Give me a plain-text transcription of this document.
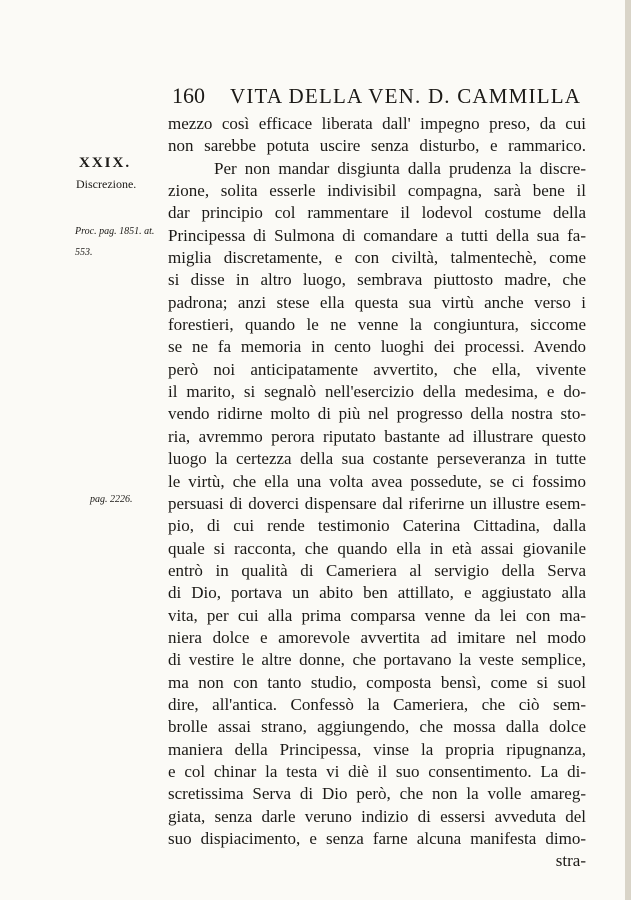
160 VITA DELLA VEN. D. CAMMILLA
XXIX.
Discrezione.
Proc. pag. 1851. at.
553.
pag. 2226.
mezzo così efficace liberata dall' impegno preso, da cui
non sarebbe potuta uscire senza disturbo, e rammarico.
Per non mandar disgiunta dalla prudenza la discre-
zione, solita esserle indivisibil compagna, sarà bene il
dar principio col rammentare il lodevol costume della
Principessa di Sulmona di comandare a tutti della sua fa-
miglia discretamente, e con civiltà, talmentechè, come
si disse in altro luogo, sembrava piuttosto madre, che
padrona; anzi stese ella questa sua virtù anche verso i
forestieri, quando le ne venne la congiuntura, siccome
se ne fa memoria in cento luoghi dei processi. Avendo
però noi anticipatamente avvertito, che ella, vivente
il marito, si segnalò nell'esercizio della medesima, e do-
vendo ridirne molto di più nel progresso della nostra sto-
ria, avremmo perora riputato bastante ad illustrare questo
luogo la certezza della sua costante perseveranza in tutte
le virtù, che ella una volta avea possedute, se ci fossimo
persuasi di doverci dispensare dal riferirne un illustre esem-
pio, di cui rende testimonio Caterina Cittadina, dalla
quale si racconta, che quando ella in età assai giovanile
entrò in qualità di Cameriera al servigio della Serva
di Dio, portava un abito ben attillato, e aggiustato alla
vita, per cui alla prima comparsa venne da lei con ma-
niera dolce e amorevole avvertita ad imitare nel modo
di vestire le altre donne, che portavano la veste semplice,
ma non con tanto studio, composta bensì, come si suol
dire, all'antica. Confessò la Cameriera, che ciò sem-
brolle assai strano, aggiungendo, che mossa dalla dolce
maniera della Principessa, vinse la propria ripugnanza,
e col chinar la testa vi diè il suo consentimento. La di-
scretissima Serva di Dio però, che non la volle amareg-
giata, senza darle veruno indizio di essersi avveduta del
suo dispiacimento, e senza farne alcuna manifesta dimo-
stra-
